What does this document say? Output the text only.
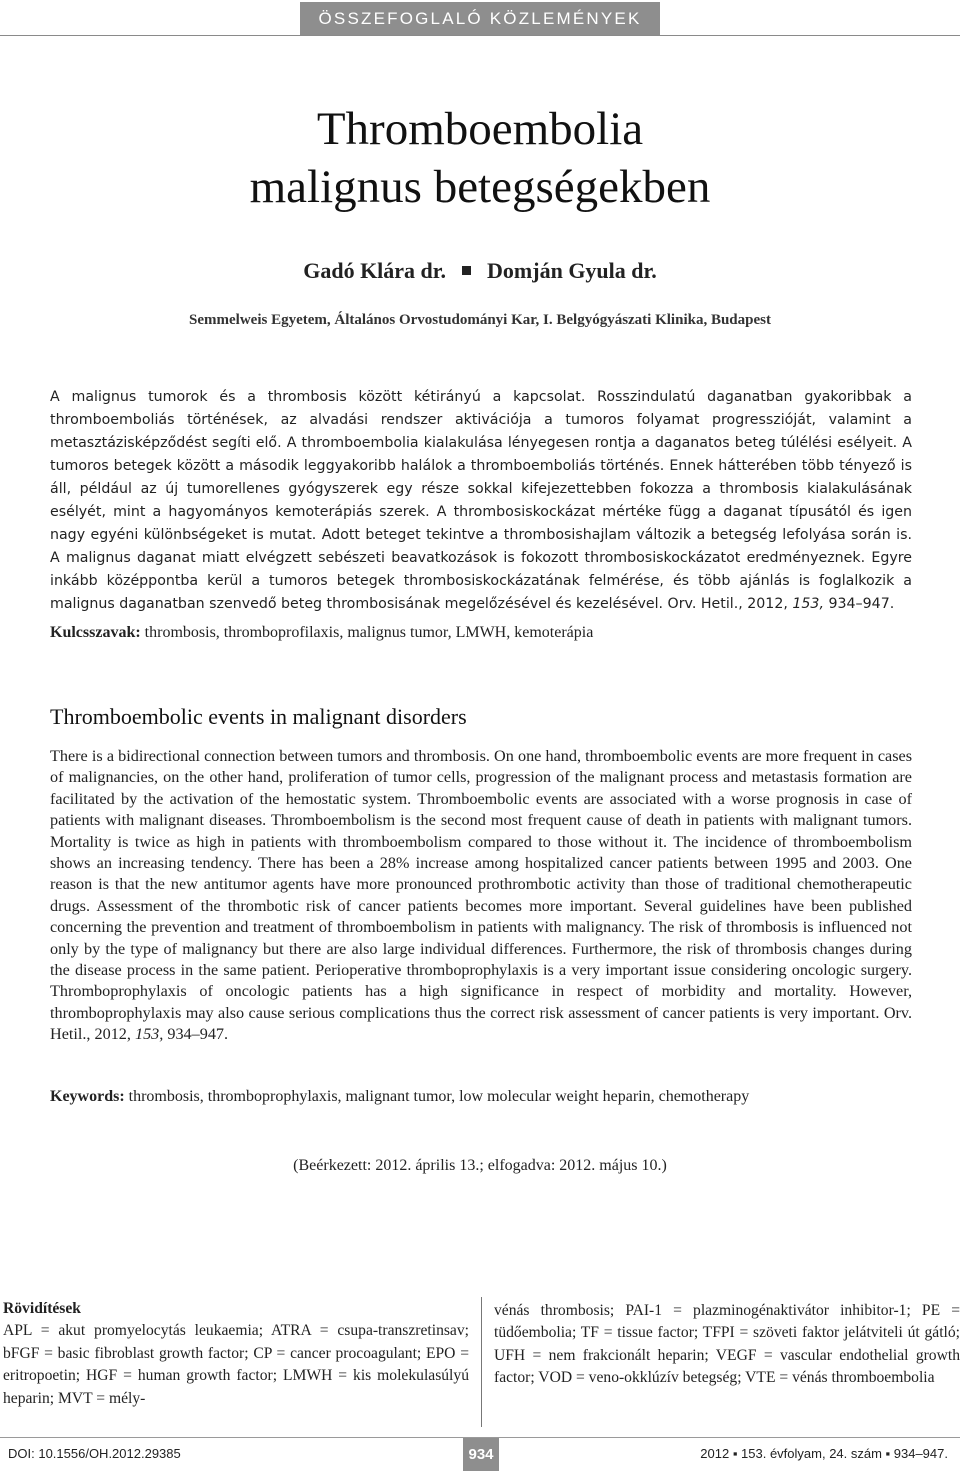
ÖSSZEFOGLALÓ KÖZLEMÉNYEK
Thromboembolia
malignus betegségekben
Gadó Klára dr. Domján Gyula dr.
Semmelweis Egyetem, Általános Orvostudományi Kar, I. Belgyógyászati Klinika, Budapest
A malignus tumorok és a thrombosis között kétirányú a kapcsolat. Rosszindulatú daganatban gyakoribbak a thromboemboliás történések, az alvadási rendszer aktivációja a tumoros folyamat progresszióját, valamint a metasztázisképződést segíti elő. A thromboembolia kialakulása lényegesen rontja a daganatos beteg túlélési esélyeit. A tumoros betegek között a második leggyakoribb halálok a thromboemboliás történés. Ennek hátterében több tényező is áll, például az új tumorellenes gyógyszerek egy része sokkal kifejezettebben fokozza a thrombosis kialakulásának esélyét, mint a hagyományos kemoterápiás szerek. A thrombosiskockázat mértéke függ a daganat típusától és igen nagy egyéni különbségeket is mutat. Adott beteget tekintve a thrombosishajlam változik a betegség lefolyása során is. A malignus daganat miatt elvégzett sebészeti beavatkozások is fokozott thrombosiskockázatot eredményeznek. Egyre inkább középpontba kerül a tumoros betegek thrombosiskockázatának felmérése, és több ajánlás is foglalkozik a malignus daganatban szenvedő beteg thrombosisának megelőzésével és kezelésével. Orv. Hetil., 2012, 153, 934–947.
Kulcsszavak: thrombosis, thromboprofilaxis, malignus tumor, LMWH, kemoterápia
Thromboembolic events in malignant disorders
There is a bidirectional connection between tumors and thrombosis. On one hand, thromboembolic events are more frequent in cases of malignancies, on the other hand, proliferation of tumor cells, progression of the malignant process and metastasis formation are facilitated by the activation of the hemostatic system. Thromboembolic events are associated with a worse prognosis in case of patients with malignant diseases. Thromboembolism is the second most frequent cause of death in patients with malignant tumors. Mortality is twice as high in patients with thromboembolism compared to those without it. The incidence of thromboembolism shows an increasing tendency. There has been a 28% increase among hospitalized cancer patients between 1995 and 2003. One reason is that the new antitumor agents have more pronounced prothrombotic activity than those of traditional chemotherapeutic drugs. Assessment of the thrombotic risk of cancer patients becomes more important. Several guidelines have been published concerning the prevention and treatment of thromboembolism in patients with malignancy. The risk of thrombosis is influenced not only by the type of malignancy but there are also large individual differences. Furthermore, the risk of thrombosis changes during the disease process in the same patient. Perioperative thromboprophylaxis is a very important issue considering oncologic surgery. Thromboprophylaxis of oncologic patients has a high significance in respect of morbidity and mortality. However, thromboprophylaxis may also cause serious complications thus the correct risk assessment of cancer patients is very important. Orv. Hetil., 2012, 153, 934–947.
Keywords: thrombosis, thromboprophylaxis, malignant tumor, low molecular weight heparin, chemotherapy
(Beérkezett: 2012. április 13.; elfogadva: 2012. május 10.)
Rövidítések
APL = akut promyelocytás leukaemia; ATRA = csupa-transzretinsav; bFGF = basic fibroblast growth factor; CP = cancer procoagulant; EPO = eritropoetin; HGF = human growth factor; LMWH = kis molekulasúlyú heparin; MVT = mély-
vénás thrombosis; PAI-1 = plazminogénaktivátor inhibitor-1; PE = tüdőembolia; TF = tissue factor; TFPI = szöveti faktor jelátviteli út gátló; UFH = nem frakcionált heparin; VEGF = vascular endothelial growth factor; VOD = veno-okklúzív betegség; VTE = vénás thromboembolia
DOI: 10.1556/OH.2012.29385	934	2012 ▪ 153. évfolyam, 24. szám ▪ 934–947.
